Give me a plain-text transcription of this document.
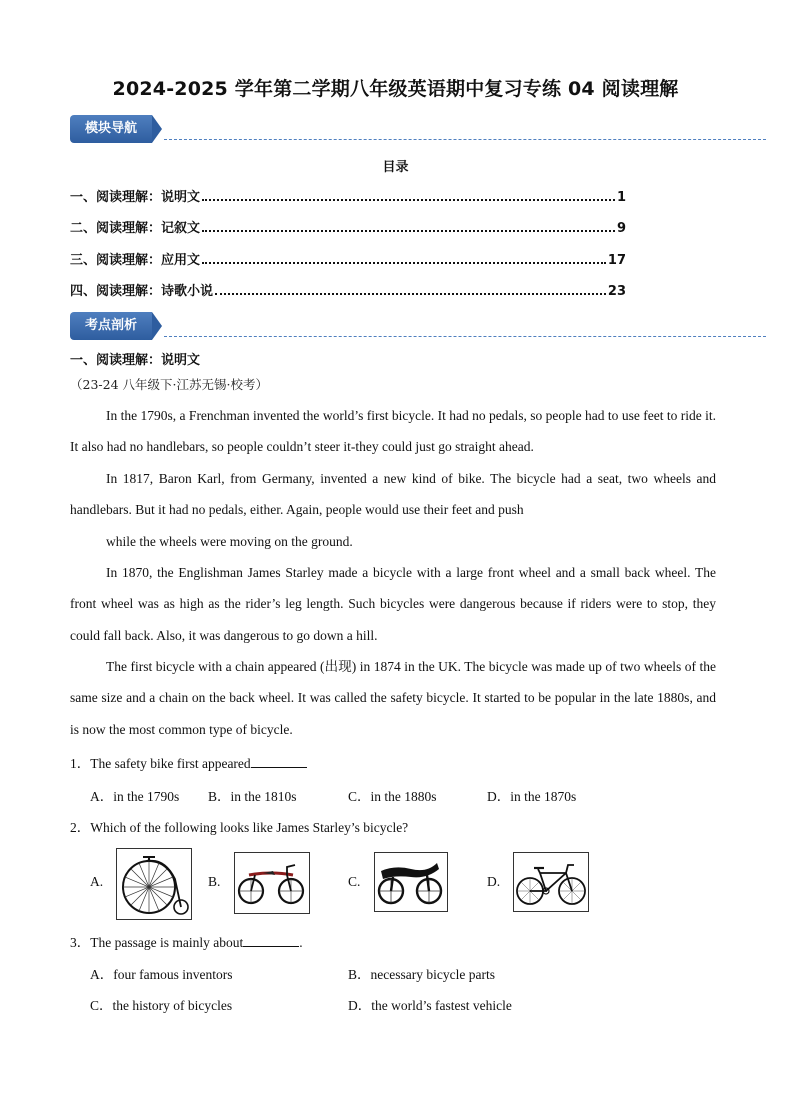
2024-2025 学年第二学期八年级英语期中复习专练 04 阅读理解
模块导航
目录
一、阅读理解：说明文	1
二、阅读理解：记叙文	9
三、阅读理解：应用文	17
四、阅读理解：诗歌小说	23
考点剖析
一、阅读理解：说明文
（23-24 八年级下·江苏无锡·校考）

In the 1790s, a Frenchman invented the world’s first bicycle. It had no pedals, so people had to use feet to ride it. It also had no handlebars, so people couldn’t steer it-they could just go straight ahead.

In 1817, Baron Karl, from Germany, invented a new kind of bike. The bicycle had a seat, two wheels and handlebars. But it had no pedals, either. Again, people would use their feet and push

while the wheels were moving on the ground.

In 1870, the Englishman James Starley made a bicycle with a large front wheel and a small back wheel. The front wheel was as high as the rider’s leg length. Such bicycles were dangerous because if riders were to stop, they could fall back. Also, it was dangerous to go down a hill.

The first bicycle with a chain appeared (出现) in 1874 in the UK. The bicycle was made up of two wheels of the same size and a chain on the back wheel. It was called the safety bicycle. It started to be popular in the late 1880s, and is now the most common type of bicycle.

1．The safety bike first appeared
A．in the 1790s B．in the 1810s	C．in the 1880s	D．in the 1870s
2．Which of the following looks like James Starley’s bicycle?
A.	B.	C.	D.
3．The passage is mainly about	.
A．four famous inventors	B．necessary bicycle parts
C．the history of bicycles	D．the world’s fastest vehicle
